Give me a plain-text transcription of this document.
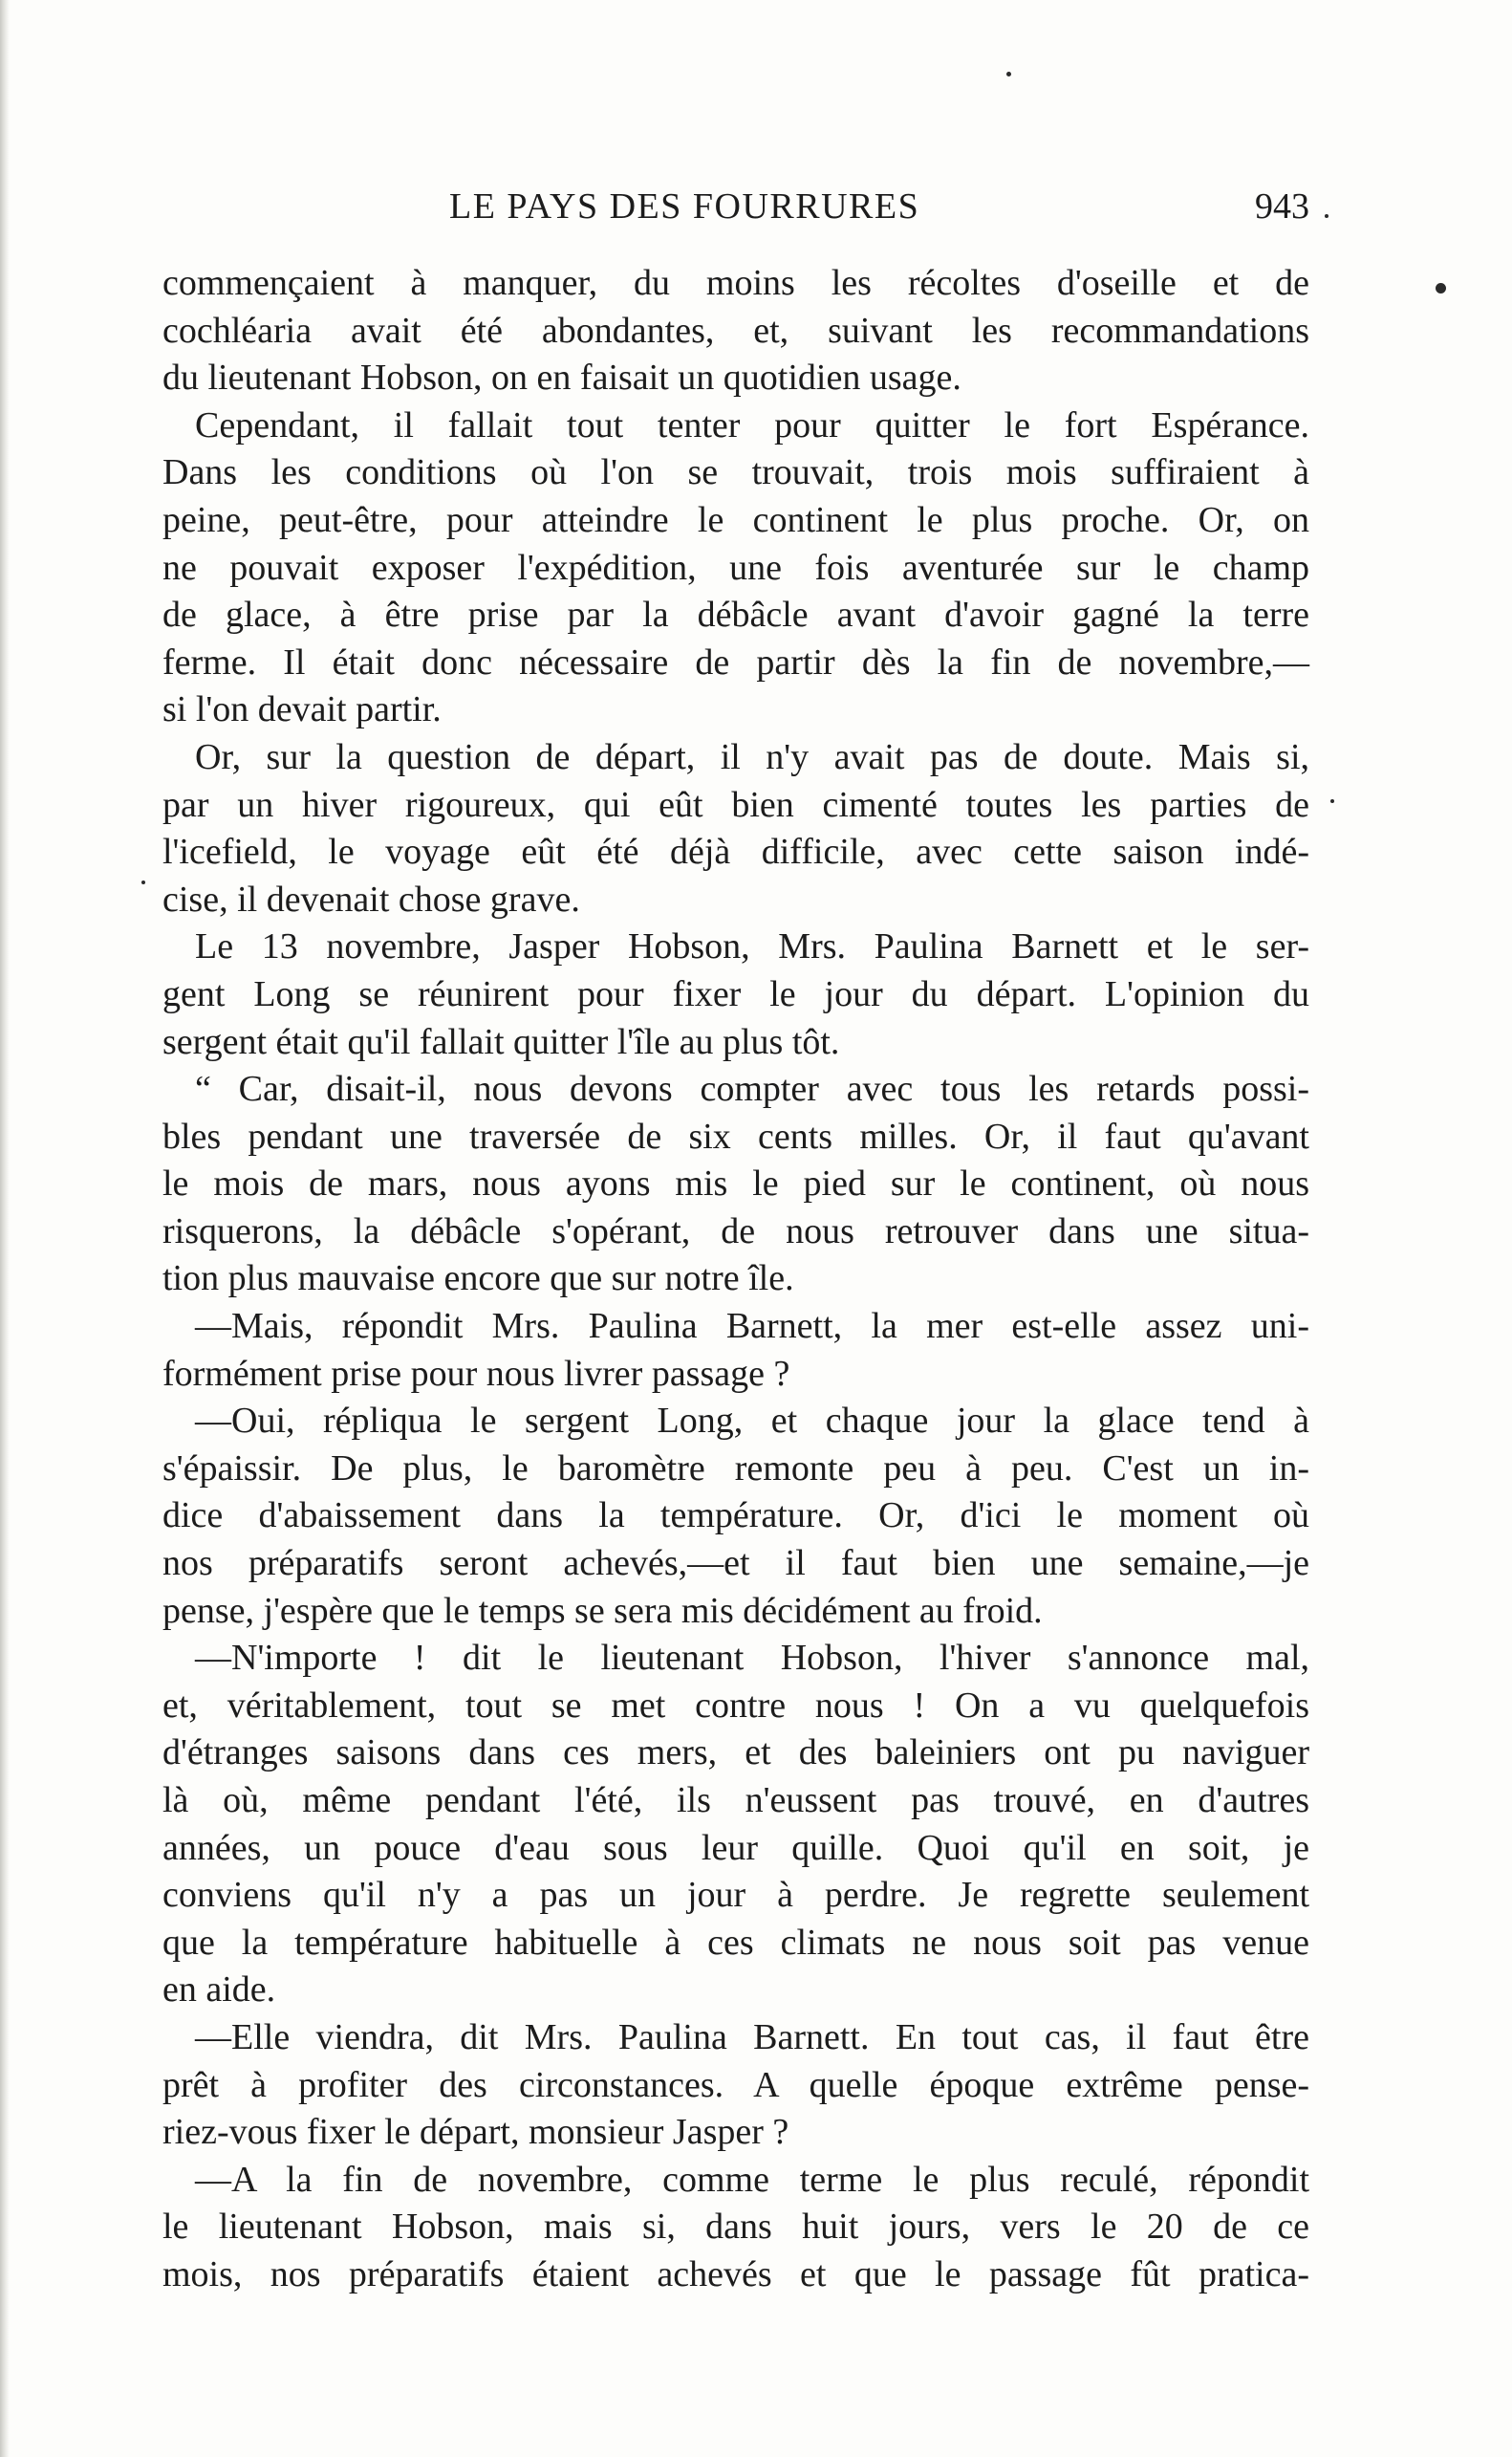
LE PAYS DES FOURRURES	943
commençaient à manquer, du moins les récoltes d'oseille et de
cochléaria avait été abondantes, et, suivant les recommandations
du lieutenant Hobson, on en faisait un quotidien usage.
Cependant, il fallait tout tenter pour quitter le fort Espérance.
Dans les conditions où l'on se trouvait, trois mois suffiraient à
peine, peut-être, pour atteindre le continent le plus proche. Or, on
ne pouvait exposer l'expédition, une fois aventurée sur le champ
de glace, à être prise par la débâcle avant d'avoir gagné la terre
ferme. Il était donc nécessaire de partir dès la fin de novembre,—
si l'on devait partir.
Or, sur la question de départ, il n'y avait pas de doute. Mais si,
par un hiver rigoureux, qui eût bien cimenté toutes les parties de
l'icefield, le voyage eût été déjà difficile, avec cette saison indé-
cise, il devenait chose grave.
Le 13 novembre, Jasper Hobson, Mrs. Paulina Barnett et le ser-
gent Long se réunirent pour fixer le jour du départ. L'opinion du
sergent était qu'il fallait quitter l'île au plus tôt.
“ Car, disait-il, nous devons compter avec tous les retards possi-
bles pendant une traversée de six cents milles. Or, il faut qu'avant
le mois de mars, nous ayons mis le pied sur le continent, où nous
risquerons, la débâcle s'opérant, de nous retrouver dans une situa-
tion plus mauvaise encore que sur notre île.
—Mais, répondit Mrs. Paulina Barnett, la mer est-elle assez uni-
formément prise pour nous livrer passage ?
—Oui, répliqua le sergent Long, et chaque jour la glace tend à
s'épaissir. De plus, le baromètre remonte peu à peu. C'est un in-
dice d'abaissement dans la température. Or, d'ici le moment où
nos préparatifs seront achevés,—et il faut bien une semaine,—je
pense, j'espère que le temps se sera mis décidément au froid.
—N'importe ! dit le lieutenant Hobson, l'hiver s'annonce mal,
et, véritablement, tout se met contre nous ! On a vu quelquefois
d'étranges saisons dans ces mers, et des baleiniers ont pu naviguer
là où, même pendant l'été, ils n'eussent pas trouvé, en d'autres
années, un pouce d'eau sous leur quille. Quoi qu'il en soit, je
conviens qu'il n'y a pas un jour à perdre. Je regrette seulement
que la température habituelle à ces climats ne nous soit pas venue
en aide.
—Elle viendra, dit Mrs. Paulina Barnett. En tout cas, il faut être
prêt à profiter des circonstances. A quelle époque extrême pense-
riez-vous fixer le départ, monsieur Jasper ?
—A la fin de novembre, comme terme le plus reculé, répondit
le lieutenant Hobson, mais si, dans huit jours, vers le 20 de ce
mois, nos préparatifs étaient achevés et que le passage fût pratica-
